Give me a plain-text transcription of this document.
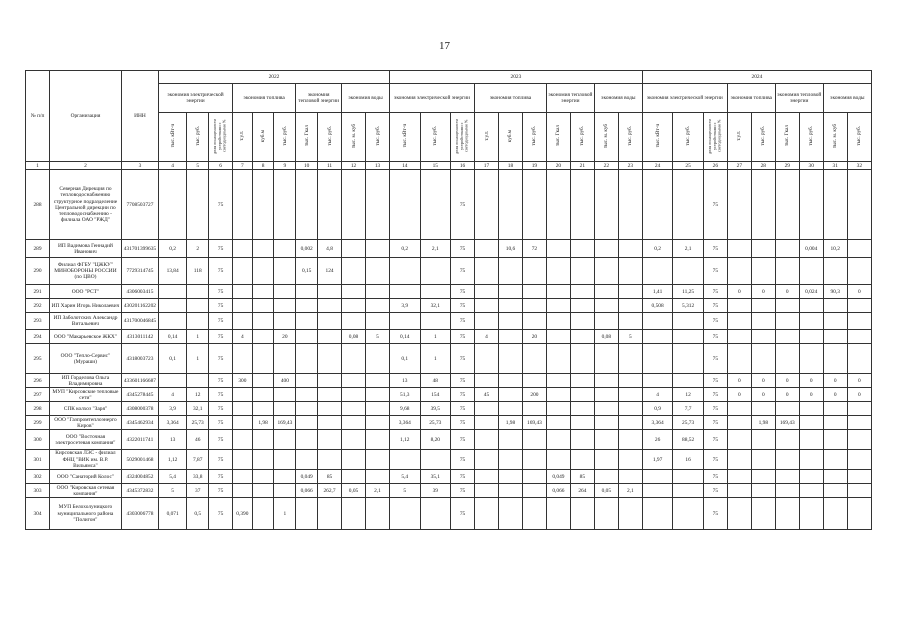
17
№ п/п	Организация	ИНН	2022										2023										2024								
			экономия электрической энергии			экономия топлива			экономия тепловой энергии		экономия воды		экономия электрической энергии			экономия топлива			экономия тепловой энергии		экономия воды		экономия электрической энергии			экономия топлива		экономия тепловой энергии		экономия воды	
			тыс. кВт·ч	тыс. руб.	доля оснащенности устройствами с светодиодными %	т.у.т.	куб.м	тыс. руб.	тыс. Гкал	тыс. руб.	тыс. м. куб	тыс. руб.	тыс. кВт·ч	тыс. руб.	доля оснащенности устройствами с светодиодными %	т.у.т.	куб.м	тыс. руб.	тыс. Гкал	тыс. руб.	тыс. м. куб	тыс. руб.	тыс. кВт·ч	тыс. руб.	доля оснащенности устройствами с светодиодными %	т.у.т.	тыс. руб.	тыс. Гкал	тыс. руб.	тыс. м. куб	тыс. руб.
1	2	3	4	5	6	7	8	9	10	11	12	13	14	15	16	17	18	19	20	21	22	23	24	25	26	27	28	29	30	31	32
288	Северная Дирекция по тепловодоснабжению структурное подразделение Центральной дирекции по тепловодоснабжению - филиала ОАО "РЖД"	7708503727			75										75										75						
289	ИП Вадимова Геннадий Иванович	431701399635	0,2	2	75				0,002	4,8			0,2	2,1	75		10,6	72					0,2	2,1	75				0,004	10,2	
290	Филиал ФГБУ "ЦЖКУ" МИНОБОРОНЫ РОССИИ (по ЦВО)	7729314745	13,84	118	75				0,15	124					75										75						
291	ООО "РСТ"	4306003415			75										75								1,41	11,25	75	0	0	0	0,024	90,3	0
292	ИП Харин Игорь Николаевич	430201162202			75								3,9	32,1	75								0,508	5,312	75						
293	ИП Заболотских Александр Витальевич	431700046845			75										75										75						
294	ООО "Макарьевское ЖКХ"	4313011142	0,14	1	75	4		20			0,08	5	0,14	1	75	4		20			0,08	5			75						
295	ООО "Тепло-Сервис" (Мураши)	4318003723	0,1	1	75								0,1	1	75										75						
296	ИП Горделова Ольга Владимировна	433601166687			75	300		400					13	48	75										75	0	0	0	0	0	0
297	МУП "Кирсовские тепловые сети"	4345278445	4	12	75								51,3	154	75	45		200					4	12	75	0	0	0	0	0	0
298	СПК колхоз "Заря"	4308000378	3,9	32,1	75								9,68	39,5	75								0,9	7,7	75						
299	ООО "Газпромтеплоэнерго Киров"	4345462934	3,364	25,73	75		1,98	169,43					3,364	25,73	75		1,98	169,43					3,364	25,73	75		1,98	169,43			
300	ООО "Восточная электросетевая компания"	4322011741	13	46	75								1,12	8,20	75								26	88,52	75						
301	Кирсовская ЛЭС - филиал ФНЦ "ВИК им. В.Р. Вильямса"	5029001468	1,12	7,87	75										75								1,97	16	75						
302	ООО "Санаторий Колос"	4324004852	5,4	33,8	75				0,049	85			5,4	35,1	75				0,049	85					75						
303	ООО "Кировская сетевая компания"	4345372832	5	37	75				0,066	262,7	0,05	2,1	5	39	75				0,066	264	0,05	2,1			75						
304	МУП Белохолуницкого муниципального района "Полигон"	4303006778	0,071	0,5	75	0,390		1							75										75						
